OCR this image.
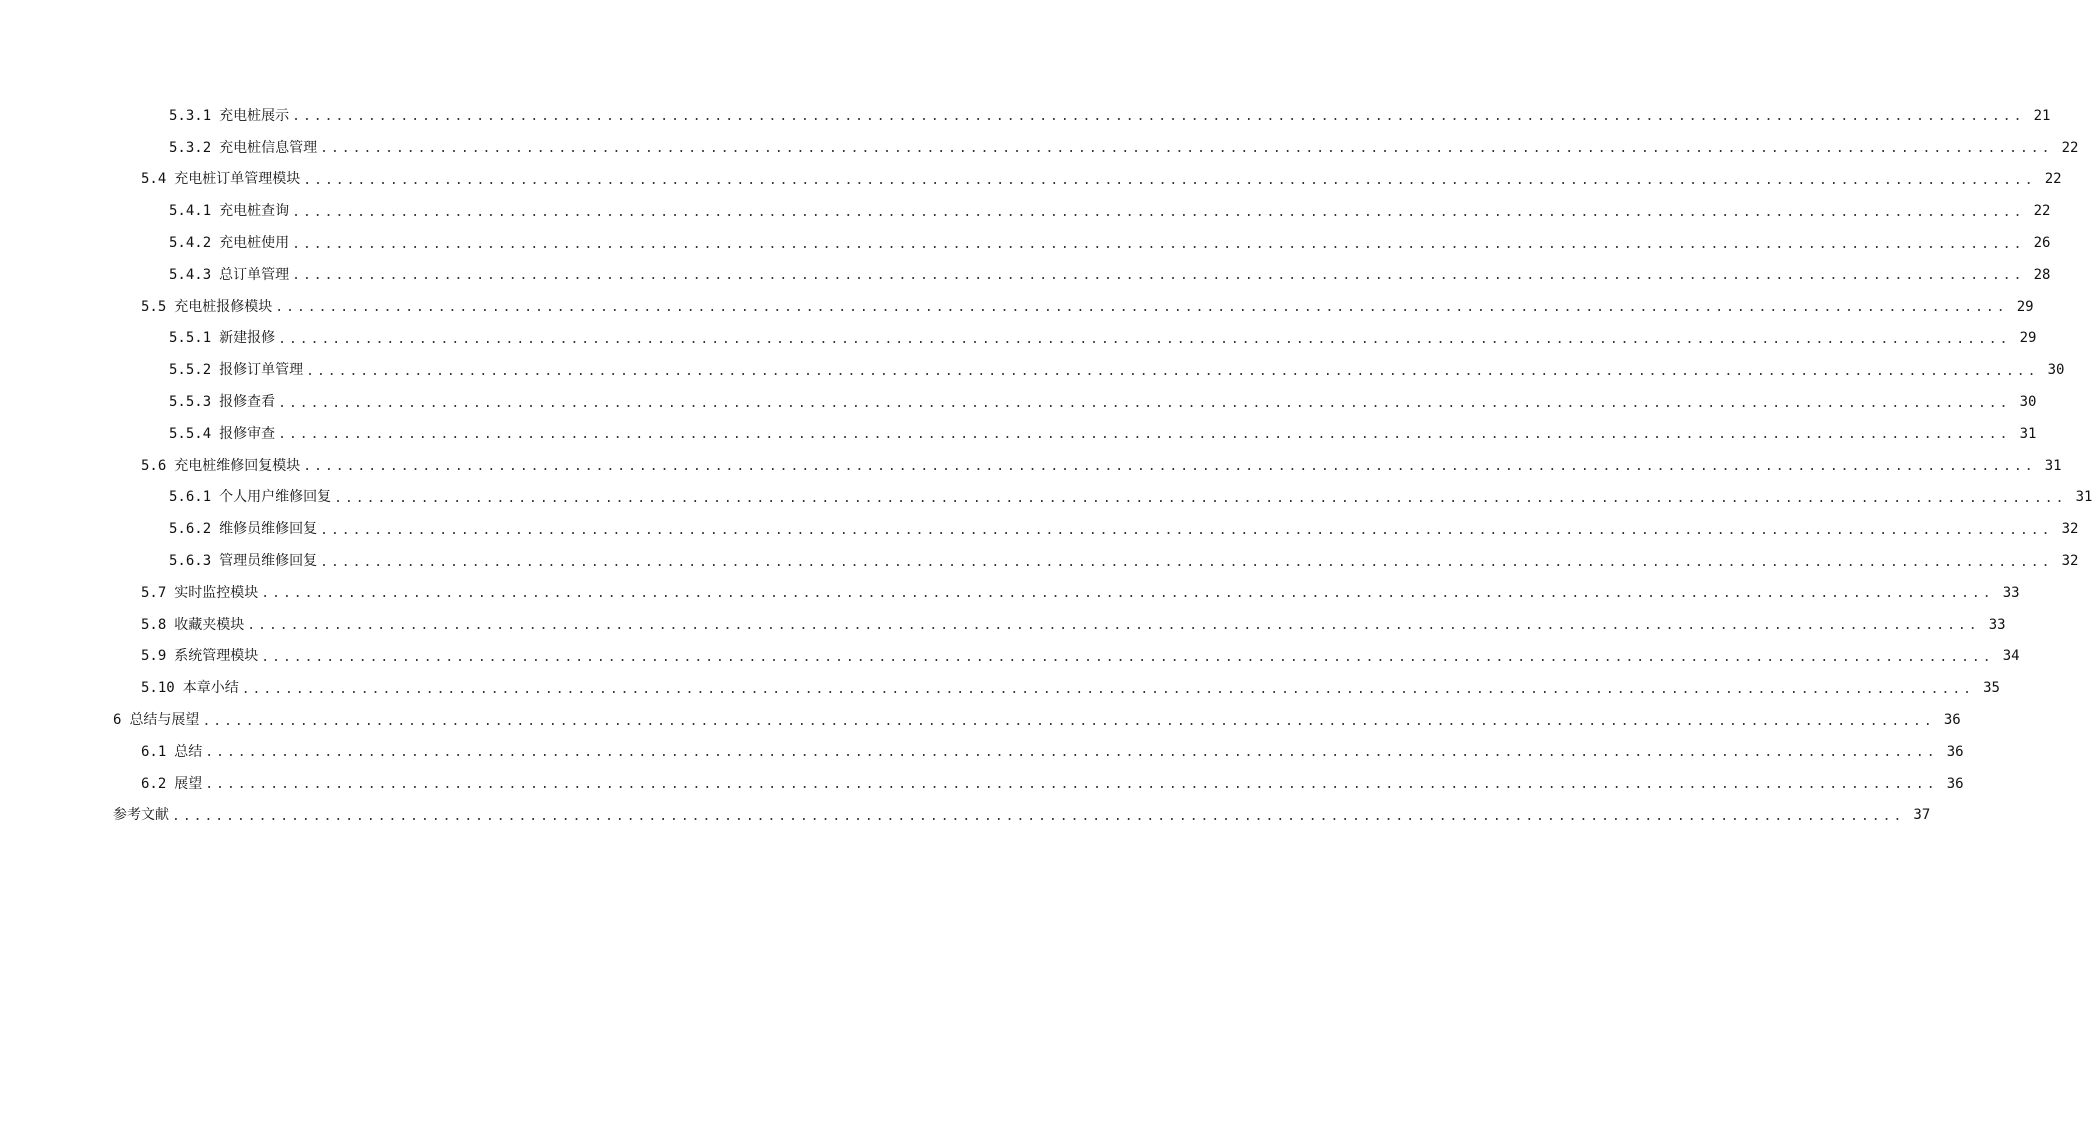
5.3.1 充电桩展示 ................................................................................................................................................................ 21
5.3.2 充电桩信息管理 ................................................................................................................................................................ 22
5.4 充电桩订单管理模块 ................................................................................................................................................................ 22
5.4.1 充电桩查询 ................................................................................................................................................................ 22
5.4.2 充电桩使用 ................................................................................................................................................................ 26
5.4.3 总订单管理 ................................................................................................................................................................ 28
5.5 充电桩报修模块 ................................................................................................................................................................ 29
5.5.1 新建报修 ................................................................................................................................................................ 29
5.5.2 报修订单管理 ................................................................................................................................................................ 30
5.5.3 报修查看 ................................................................................................................................................................ 30
5.5.4 报修审查 ................................................................................................................................................................ 31
5.6 充电桩维修回复模块 ................................................................................................................................................................ 31
5.6.1 个人用户维修回复 ................................................................................................................................................................ 31
5.6.2 维修员维修回复 ................................................................................................................................................................ 32
5.6.3 管理员维修回复 ................................................................................................................................................................ 32
5.7 实时监控模块 ................................................................................................................................................................ 33
5.8 收藏夹模块 ................................................................................................................................................................ 33
5.9 系统管理模块 ................................................................................................................................................................ 34
5.10 本章小结 ................................................................................................................................................................ 35
6 总结与展望 ................................................................................................................................................................ 36
6.1 总结 ................................................................................................................................................................ 36
6.2 展望 ................................................................................................................................................................ 36
参考文献 ................................................................................................................................................................ 37
